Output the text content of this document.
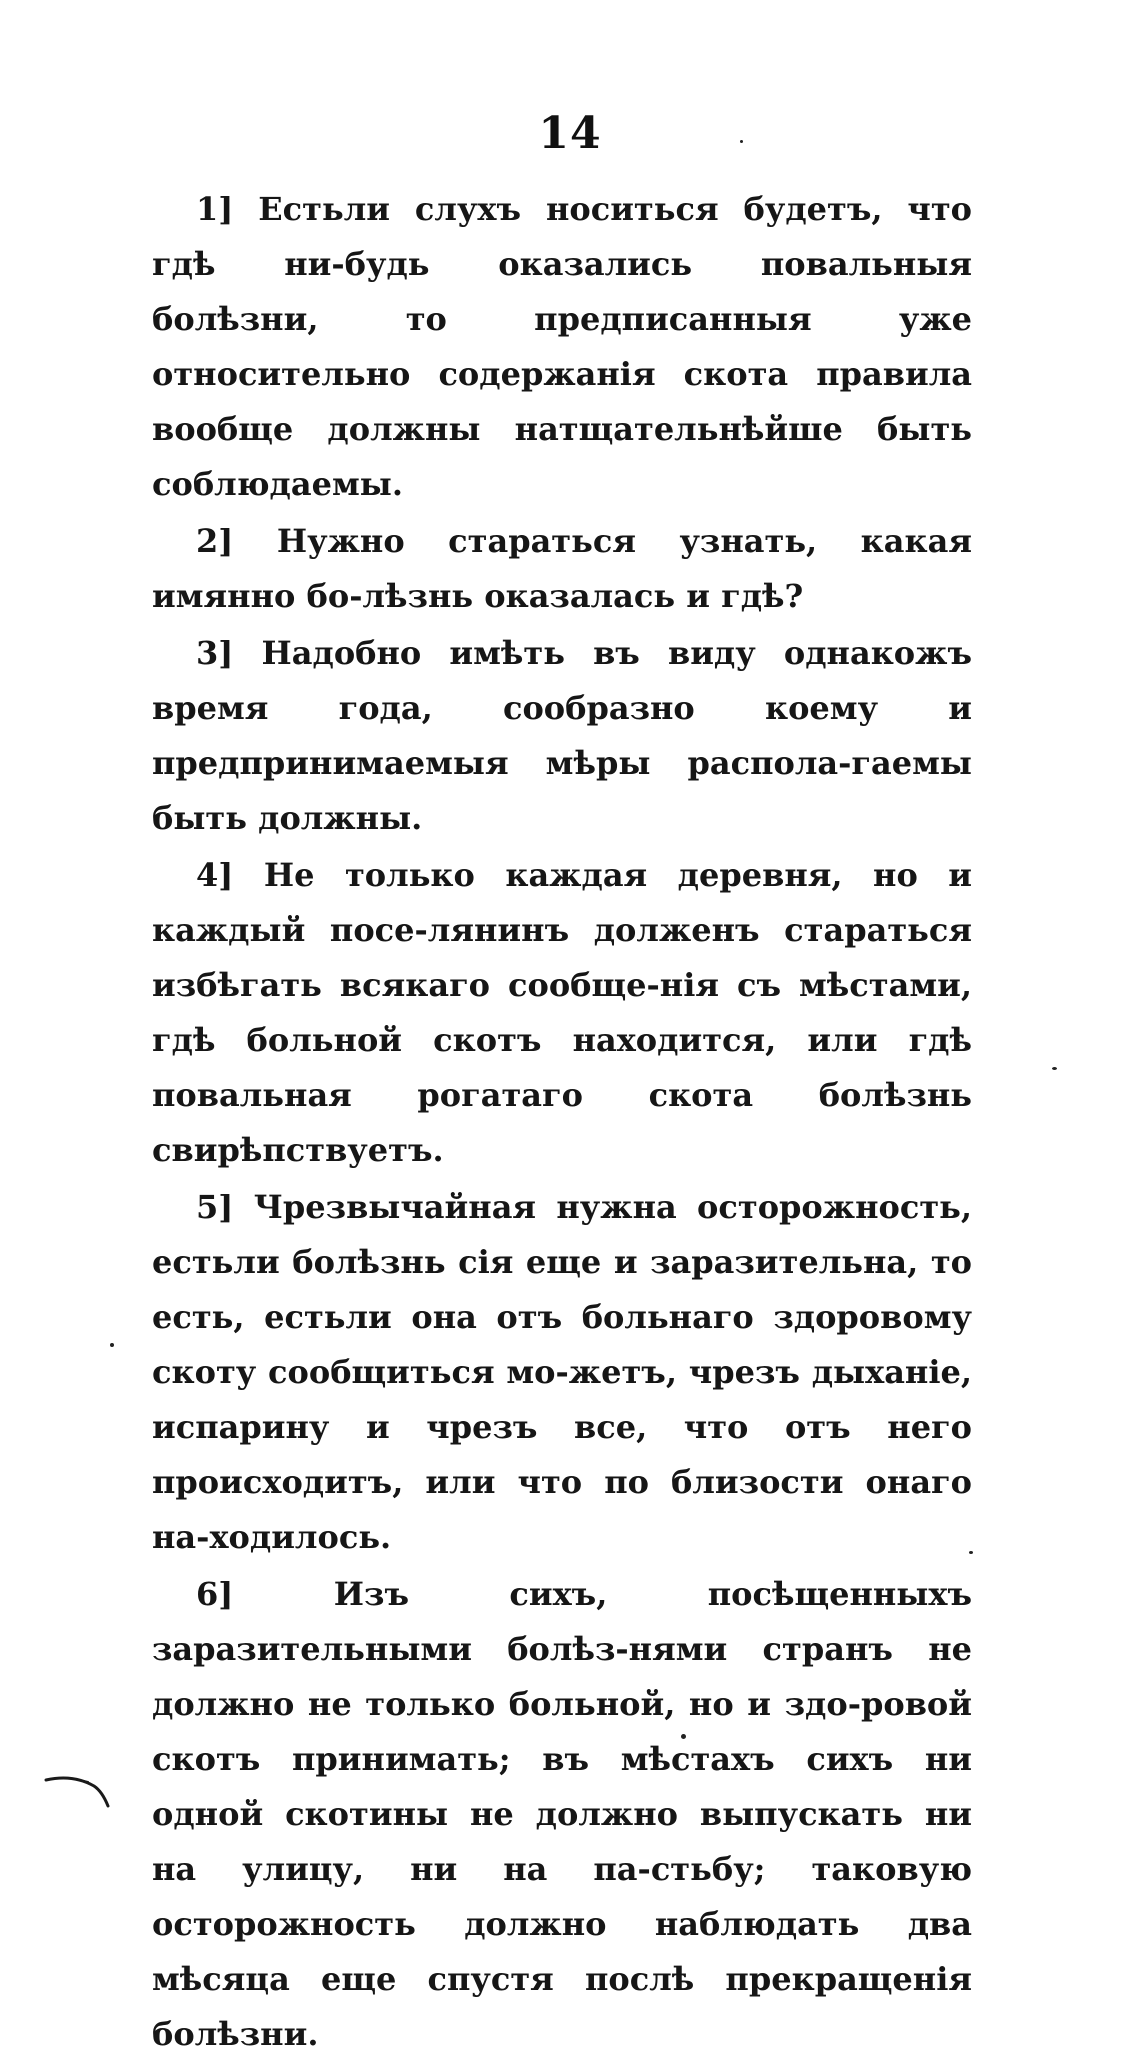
14

1] Естьли слухъ носиться будетъ, что гдѣ ни-будь оказались повальныя болѣзни, то предписанныя уже относительно содержанія скота правила вообще должны натщательнѣйше быть соблюдаемы.

2] Нужно стараться узнать, какая имянно бо-лѣзнь оказалась и гдѣ?

3] Надобно имѣть въ виду однакожъ время года, сообразно коему и предпринимаемыя мѣры распола-гаемы быть должны.

4] Не только каждая деревня, но и каждый посе-лянинъ долженъ стараться избѣгать всякаго сообще-нія съ мѣстами, гдѣ больной скотъ находится, или гдѣ повальная рогатаго скота болѣзнь свирѣпствуетъ.

5] Чрезвычайная нужна осторожность, естьли болѣзнь сія еще и заразительна, то есть, естьли она отъ больнаго здоровому скоту сообщиться мо-жетъ, чрезъ дыханіе, испарину и чрезъ все, что отъ него происходитъ, или что по близости онаго на-ходилось.

6] Изъ сихъ, посѣщенныхъ заразительными болѣз-нями странъ не должно не только больной, но и здо-ровой скотъ принимать; въ мѣстахъ сихъ ни одной скотины не должно выпускать ни на улицу, ни на па-стьбу; таковую осторожность должно наблюдать два мѣсяца еще спустя послѣ прекращенія болѣзни.
